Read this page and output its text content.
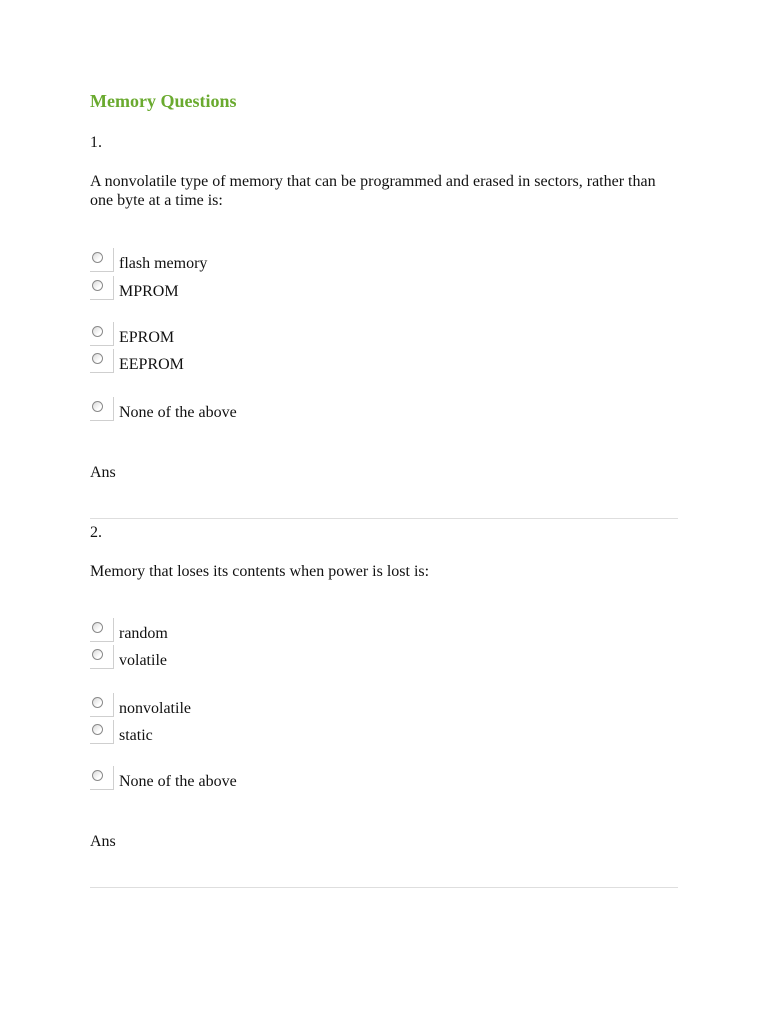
Memory Questions
1.
A nonvolatile type of memory that can be programmed and erased in sectors, rather than one byte at a time is:
flash memory
MPROM
EPROM
EEPROM
None of the above
Ans
2.
Memory that loses its contents when power is lost is:
random
volatile
nonvolatile
static
None of the above
Ans
